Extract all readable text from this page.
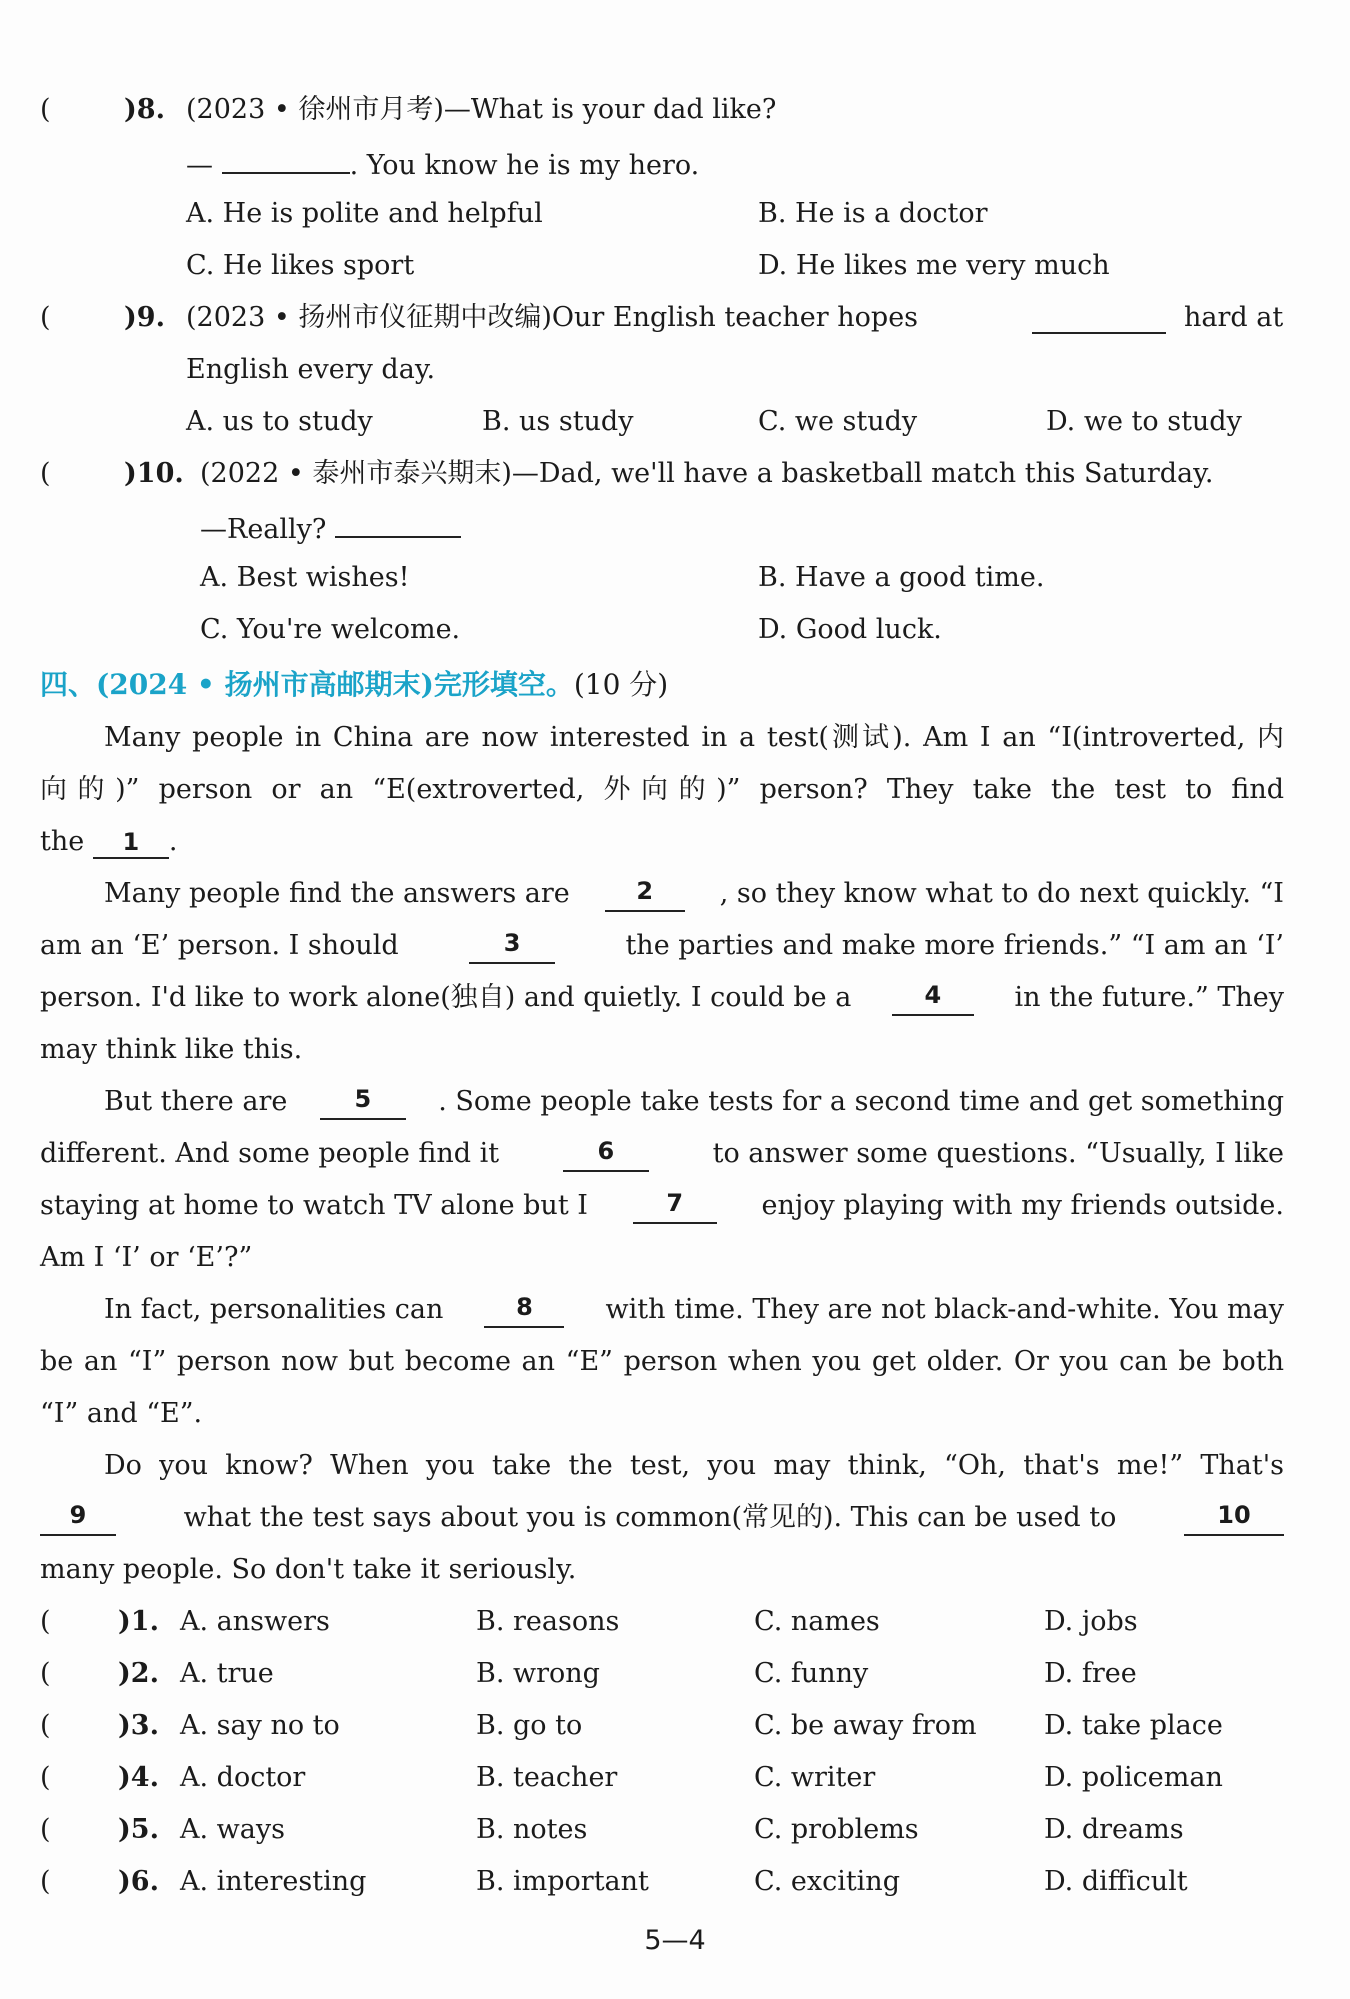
(	)8. (2023 • 徐州市月考)—What is your dad like?
—	. You know he is my hero.
A. He is polite and helpful	B. He is a doctor
C. He likes sport	D. He likes me very much
(	)9. (2023 • 扬州市仪征期中改编)Our English teacher hopes	hard at
English every day.
A. us to study	B. us study	C. we study	D. we to study
(	)10. (2022 • 泰州市泰兴期末)—Dad, we'll have a basketball match this Saturday.
—Really?
A. Best wishes!	B. Have a good time.
C. You're welcome.	D. Good luck.
四、(2024 • 扬州市高邮期末)完形填空。(10 分)
Many people in China are now interested in a test(测试). Am I an “I(introverted, 内
向的)” person or an “E(extroverted, 外向的)” person? They take the test to find
the 1 .
Many people find the answers are	2	, so they know what to do next quickly. “I
am an ‘E’ person. I should	3	the parties and make more friends.” “I am an ‘I’
person. I'd like to work alone(独自) and quietly. I could be a	4	in the future.” They
may think like this.
But there are	5	. Some people take tests for a second time and get something
different. And some people find it	6	to answer some questions. “Usually, I like
staying at home to watch TV alone but I	7	enjoy playing with my friends outside.
Am I ‘I’ or ‘E’?”
In fact, personalities can	8	with time. They are not black-and-white. You may
be an “I” person now but become an “E” person when you get older. Or you can be both
“I” and “E”.
Do you know? When you take the test, you may think, “Oh, that's me!” That's
9	what the test says about you is common(常见的). This can be used to	10
many people. So don't take it seriously.
( )1. A. answers	B. reasons	C. names	D. jobs
( )2. A. true	B. wrong	C. funny	D. free
( )3. A. say no to	B. go to	C. be away from D. take place
( )4. A. doctor	B. teacher	C. writer	D. policeman
( )5. A. ways	B. notes	C. problems	D. dreams
( )6. A. interesting	B. important	C. exciting	D. difficult
5—4
